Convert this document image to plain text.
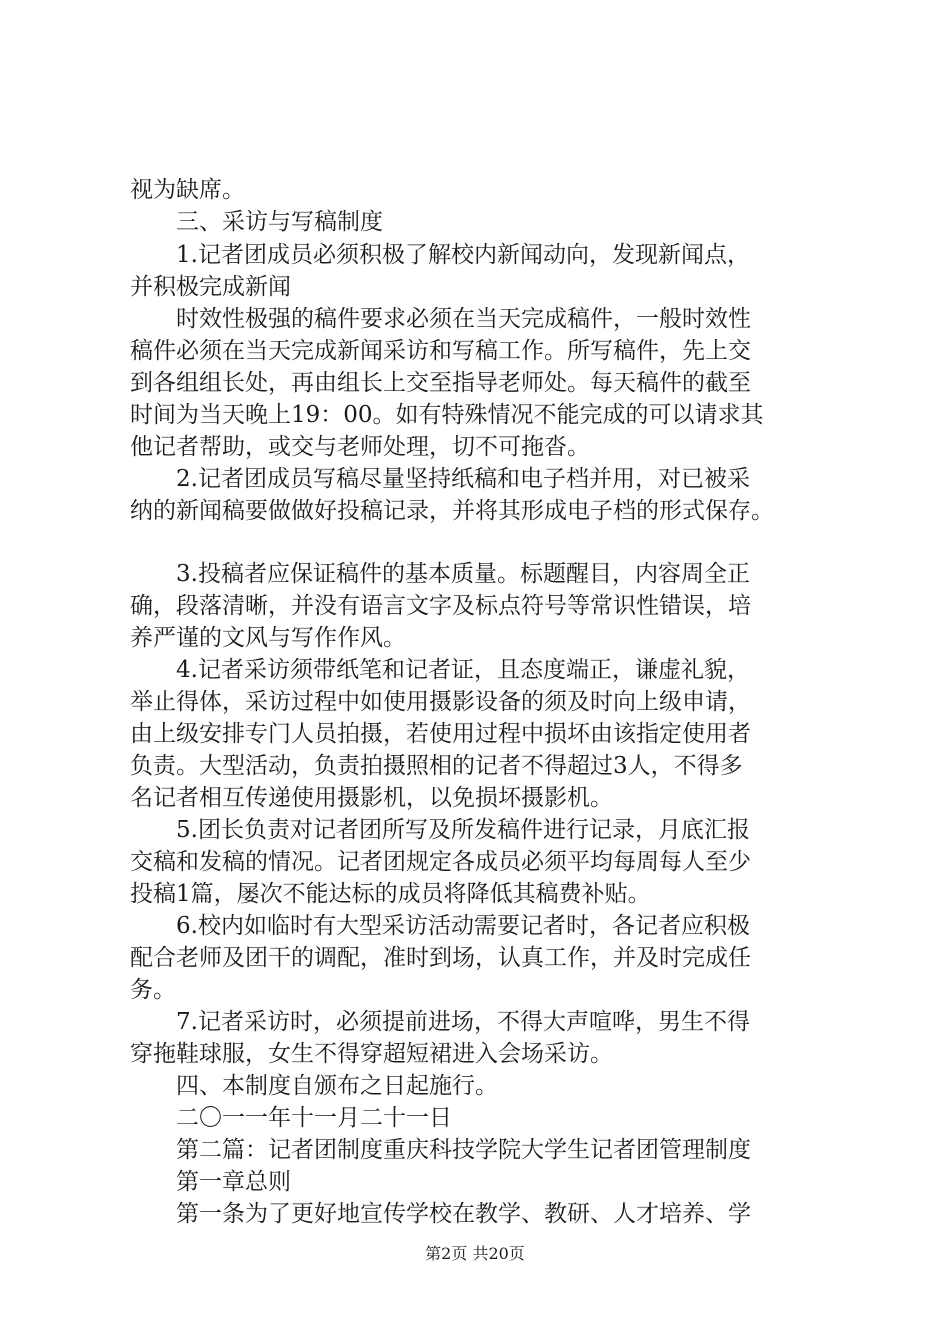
视为缺席。
　　三、采访与写稿制度
　　1.记者团成员必须积极了解校内新闻动向，发现新闻点，
并积极完成新闻
　　时效性极强的稿件要求必须在当天完成稿件，一般时效性
稿件必须在当天完成新闻采访和写稿工作。所写稿件，先上交
到各组组长处，再由组长上交至指导老师处。每天稿件的截至
时间为当天晚上19：00。如有特殊情况不能完成的可以请求其
他记者帮助，或交与老师处理，切不可拖沓。
　　2.记者团成员写稿尽量坚持纸稿和电子档并用，对已被采
纳的新闻稿要做做好投稿记录，并将其形成电子档的形式保存。
　　3.投稿者应保证稿件的基本质量。标题醒目，内容周全正
确，段落清晰，并没有语言文字及标点符号等常识性错误，培
养严谨的文风与写作作风。
　　4.记者采访须带纸笔和记者证，且态度端正，谦虚礼貌，
举止得体，采访过程中如使用摄影设备的须及时向上级申请，
由上级安排专门人员拍摄，若使用过程中损坏由该指定使用者
负责。大型活动，负责拍摄照相的记者不得超过3人，不得多
名记者相互传递使用摄影机，以免损坏摄影机。
　　5.团长负责对记者团所写及所发稿件进行记录，月底汇报
交稿和发稿的情况。记者团规定各成员必须平均每周每人至少
投稿1篇，屡次不能达标的成员将降低其稿费补贴。
　　6.校内如临时有大型采访活动需要记者时，各记者应积极
配合老师及团干的调配，准时到场，认真工作，并及时完成任
务。
　　7.记者采访时，必须提前进场，不得大声喧哗，男生不得
穿拖鞋球服，女生不得穿超短裙进入会场采访。
　　四、本制度自颁布之日起施行。
　　二〇一一年十一月二十一日
　　第二篇：记者团制度重庆科技学院大学生记者团管理制度
　　第一章总则
　　第一条为了更好地宣传学校在教学、教研、人才培养、学
第2页 共20页
